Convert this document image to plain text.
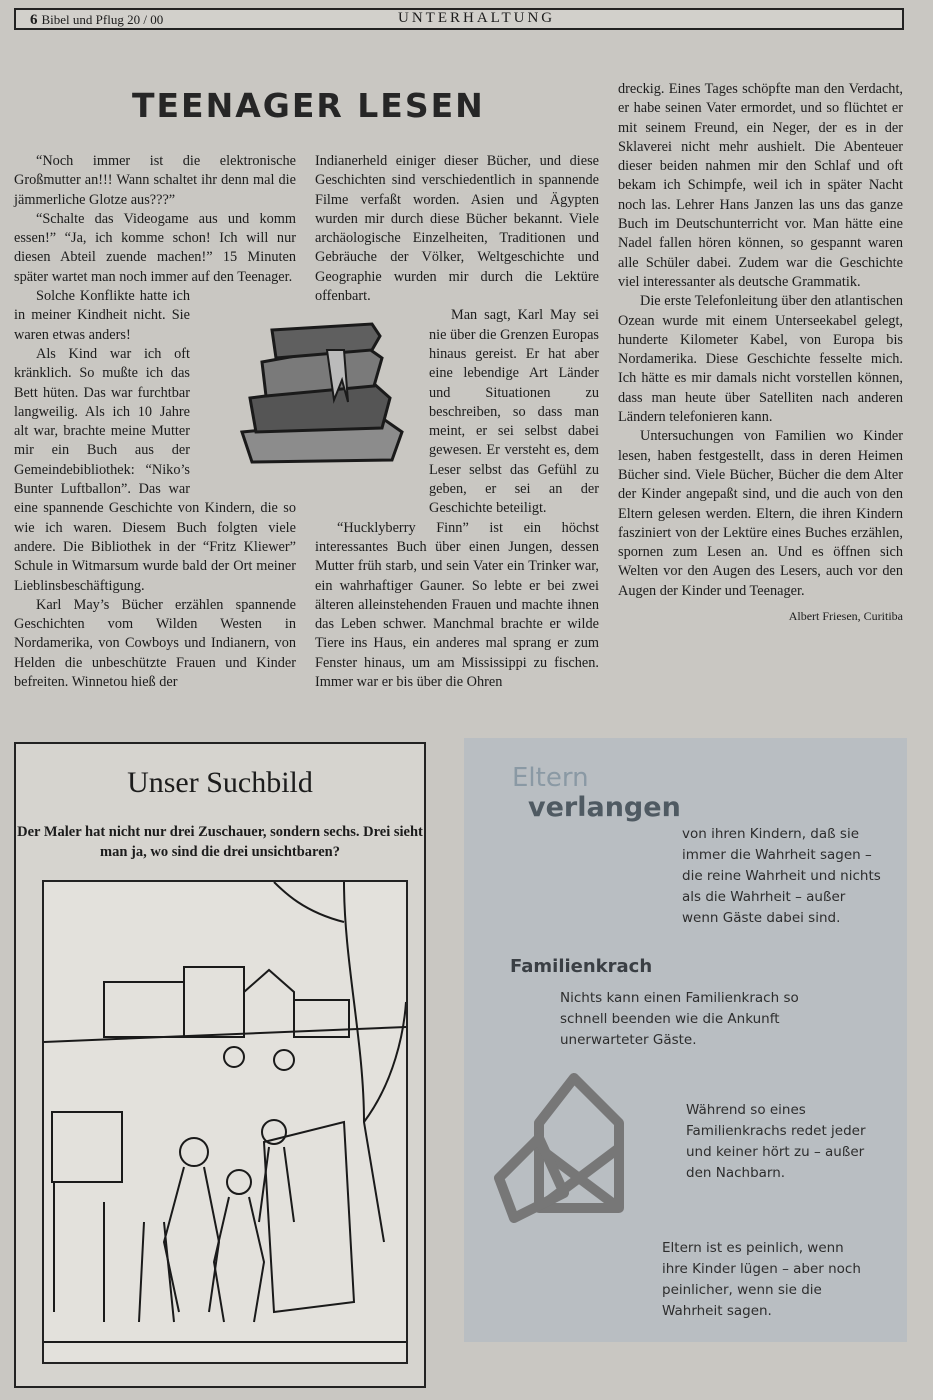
6 Bibel und Pflug 20 / 00	UNTERHALTUNG
TEENAGER LESEN

“Noch immer ist die elektronische Großmutter an!!! Wann schaltet ihr denn mal die jämmerliche Glotze aus???”

“Schalte das Videogame aus und komm essen!” “Ja, ich komme schon! Ich will nur diesen Abteil zuende machen!” 15 Minuten später wartet man noch immer auf den Teenager.

Solche Konflikte hatte ich in meiner Kindheit nicht. Sie waren etwas anders!

Als Kind war ich oft kränklich. So mußte ich das Bett hüten. Das war furchtbar langweilig. Als ich 10 Jahre alt war, brachte meine Mutter mir ein Buch aus der Gemeindebibliothek: “Niko’s Bunter Luftballon”. Das war eine spannende Geschichte von Kindern, die so wie ich waren. Diesem Buch folgten viele andere. Die Bibliothek in der “Fritz Kliewer” Schule in Witmarsum wurde bald der Ort meiner Lieblinsbeschäftigung.

Karl May’s Bücher erzählen spannende Geschichten vom Wilden Westen in Nordamerika, von Cowboys und Indianern, von Helden die unbeschützte Frauen und Kinder befreiten. Winnetou hieß der

Indianerheld einiger dieser Bücher, und diese Geschichten sind verschiedentlich in spannende Filme verfaßt worden. Asien und Ägypten wurden mir durch diese Bücher bekannt. Viele archäologische Einzelheiten, Traditionen und Gebräuche der Völker, Weltgeschichte und Geographie wurden mir durch die Lektüre offenbart.

Man sagt, Karl May sei nie über die Grenzen Europas hinaus gereist. Er hat aber eine lebendige Art Länder und Situationen zu beschreiben, so dass man meint, er sei selbst dabei gewesen. Er versteht es, dem Leser selbst das Gefühl zu geben, er sei an der Geschichte beteiligt.

“Hucklyberry Finn” ist ein höchst interessantes Buch über einen Jungen, dessen Mutter früh starb, und sein Vater ein Trinker war, ein wahrhaftiger Gauner. So lebte er bei zwei älteren alleinstehenden Frauen und machte ihnen das Leben schwer. Manchmal brachte er wilde Tiere ins Haus, ein anderes mal sprang er zum Fenster hinaus, um am Mississippi zu fischen. Immer war er bis über die Ohren

dreckig. Eines Tages schöpfte man den Verdacht, er habe seinen Vater ermordet, und so flüchtet er mit seinem Freund, ein Neger, der es in der Sklaverei nicht mehr aushielt. Die Abenteuer dieser beiden nahmen mir den Schlaf und oft bekam ich Schimpfe, weil ich in später Nacht noch las. Lehrer Hans Janzen las uns das ganze Buch im Deutschunterricht vor. Man hätte eine Nadel fallen hören können, so gespannt waren alle Schüler dabei. Zudem war die Geschichte viel interessanter als deutsche Grammatik.

Die erste Telefonleitung über den atlantischen Ozean wurde mit einem Unterseekabel gelegt, hunderte Kilometer Kabel, von Europa bis Nordamerika. Diese Geschichte fesselte mich. Ich hätte es mir damals nicht vorstellen können, dass man heute über Satelliten nach anderen Ländern telefonieren kann.

Untersuchungen von Familien wo Kinder lesen, haben festgestellt, dass in deren Heimen Bücher sind. Viele Bücher, Bücher die dem Alter der Kinder angepaßt sind, und die auch von den Eltern gelesen werden. Eltern, die ihren Kindern fasziniert von der Lektüre eines Buches erzählen, spornen zum Lesen an. Und es öffnen sich Welten vor den Augen des Lesers, auch vor den Augen der Kinder und Teenager.

Albert Friesen, Curitiba
Unser Suchbild
Der Maler hat nicht nur drei Zuschauer, sondern sechs. Drei sieht man ja, wo sind die drei unsichtbaren?
Eltern
verlangen
von ihren Kindern, daß sie immer die Wahrheit sagen – die reine Wahrheit und nichts als die Wahrheit – außer wenn Gäste dabei sind.
Familienkrach
Nichts kann einen Familienkrach so schnell beenden wie die Ankunft unerwarteter Gäste.
Während so eines Familienkrachs redet jeder und keiner hört zu – außer den Nachbarn.
Eltern ist es peinlich, wenn ihre Kinder lügen – aber noch peinlicher, wenn sie die Wahrheit sagen.
